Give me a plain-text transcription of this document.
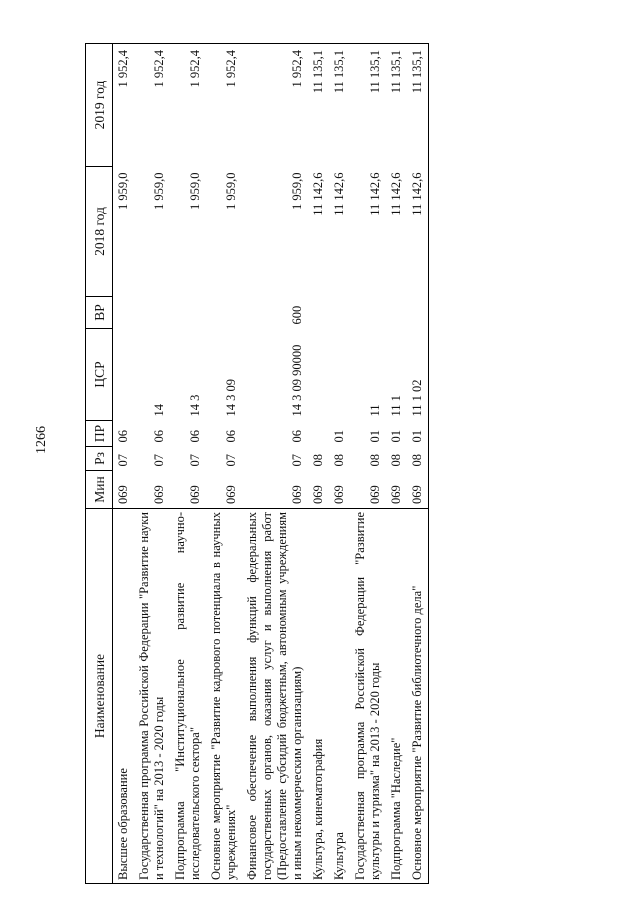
1266
Наименование	Мин	Рз	ПР	ЦСР	ВР	2018 год	2019 год
Высшее образование	069	07	06			1 959,0	1 952,4
Государственная программа Российской Федерации "Развитие науки и технологий" на 2013 - 2020 годы	069	07	06	14		1 959,0	1 952,4
Подпрограмма "Институциональное развитие научно-исследовательского сектора"	069	07	06	14 3		1 959,0	1 952,4
Основное мероприятие "Развитие кадрового потенциала в научных учреждениях"	069	07	06	14 3 09		1 959,0	1 952,4
Финансовое обеспечение выполнения функций федеральных государственных органов, оказания услуг и выполнения работ (Предоставление субсидий бюджетным, автономным учреждениям и иным некоммерческим организациям)	069	07	06	14 3 09 90000	600	1 959,0	1 952,4
Культура, кинематография	069	08				11 142,6	11 135,1
Культура	069	08	01			11 142,6	11 135,1
Государственная программа Российской Федерации "Развитие культуры и туризма" на 2013 - 2020 годы	069	08	01	11		11 142,6	11 135,1
Подпрограмма "Наследие"	069	08	01	11 1		11 142,6	11 135,1
Основное мероприятие "Развитие библиотечного дела"	069	08	01	11 1 02		11 142,6	11 135,1
